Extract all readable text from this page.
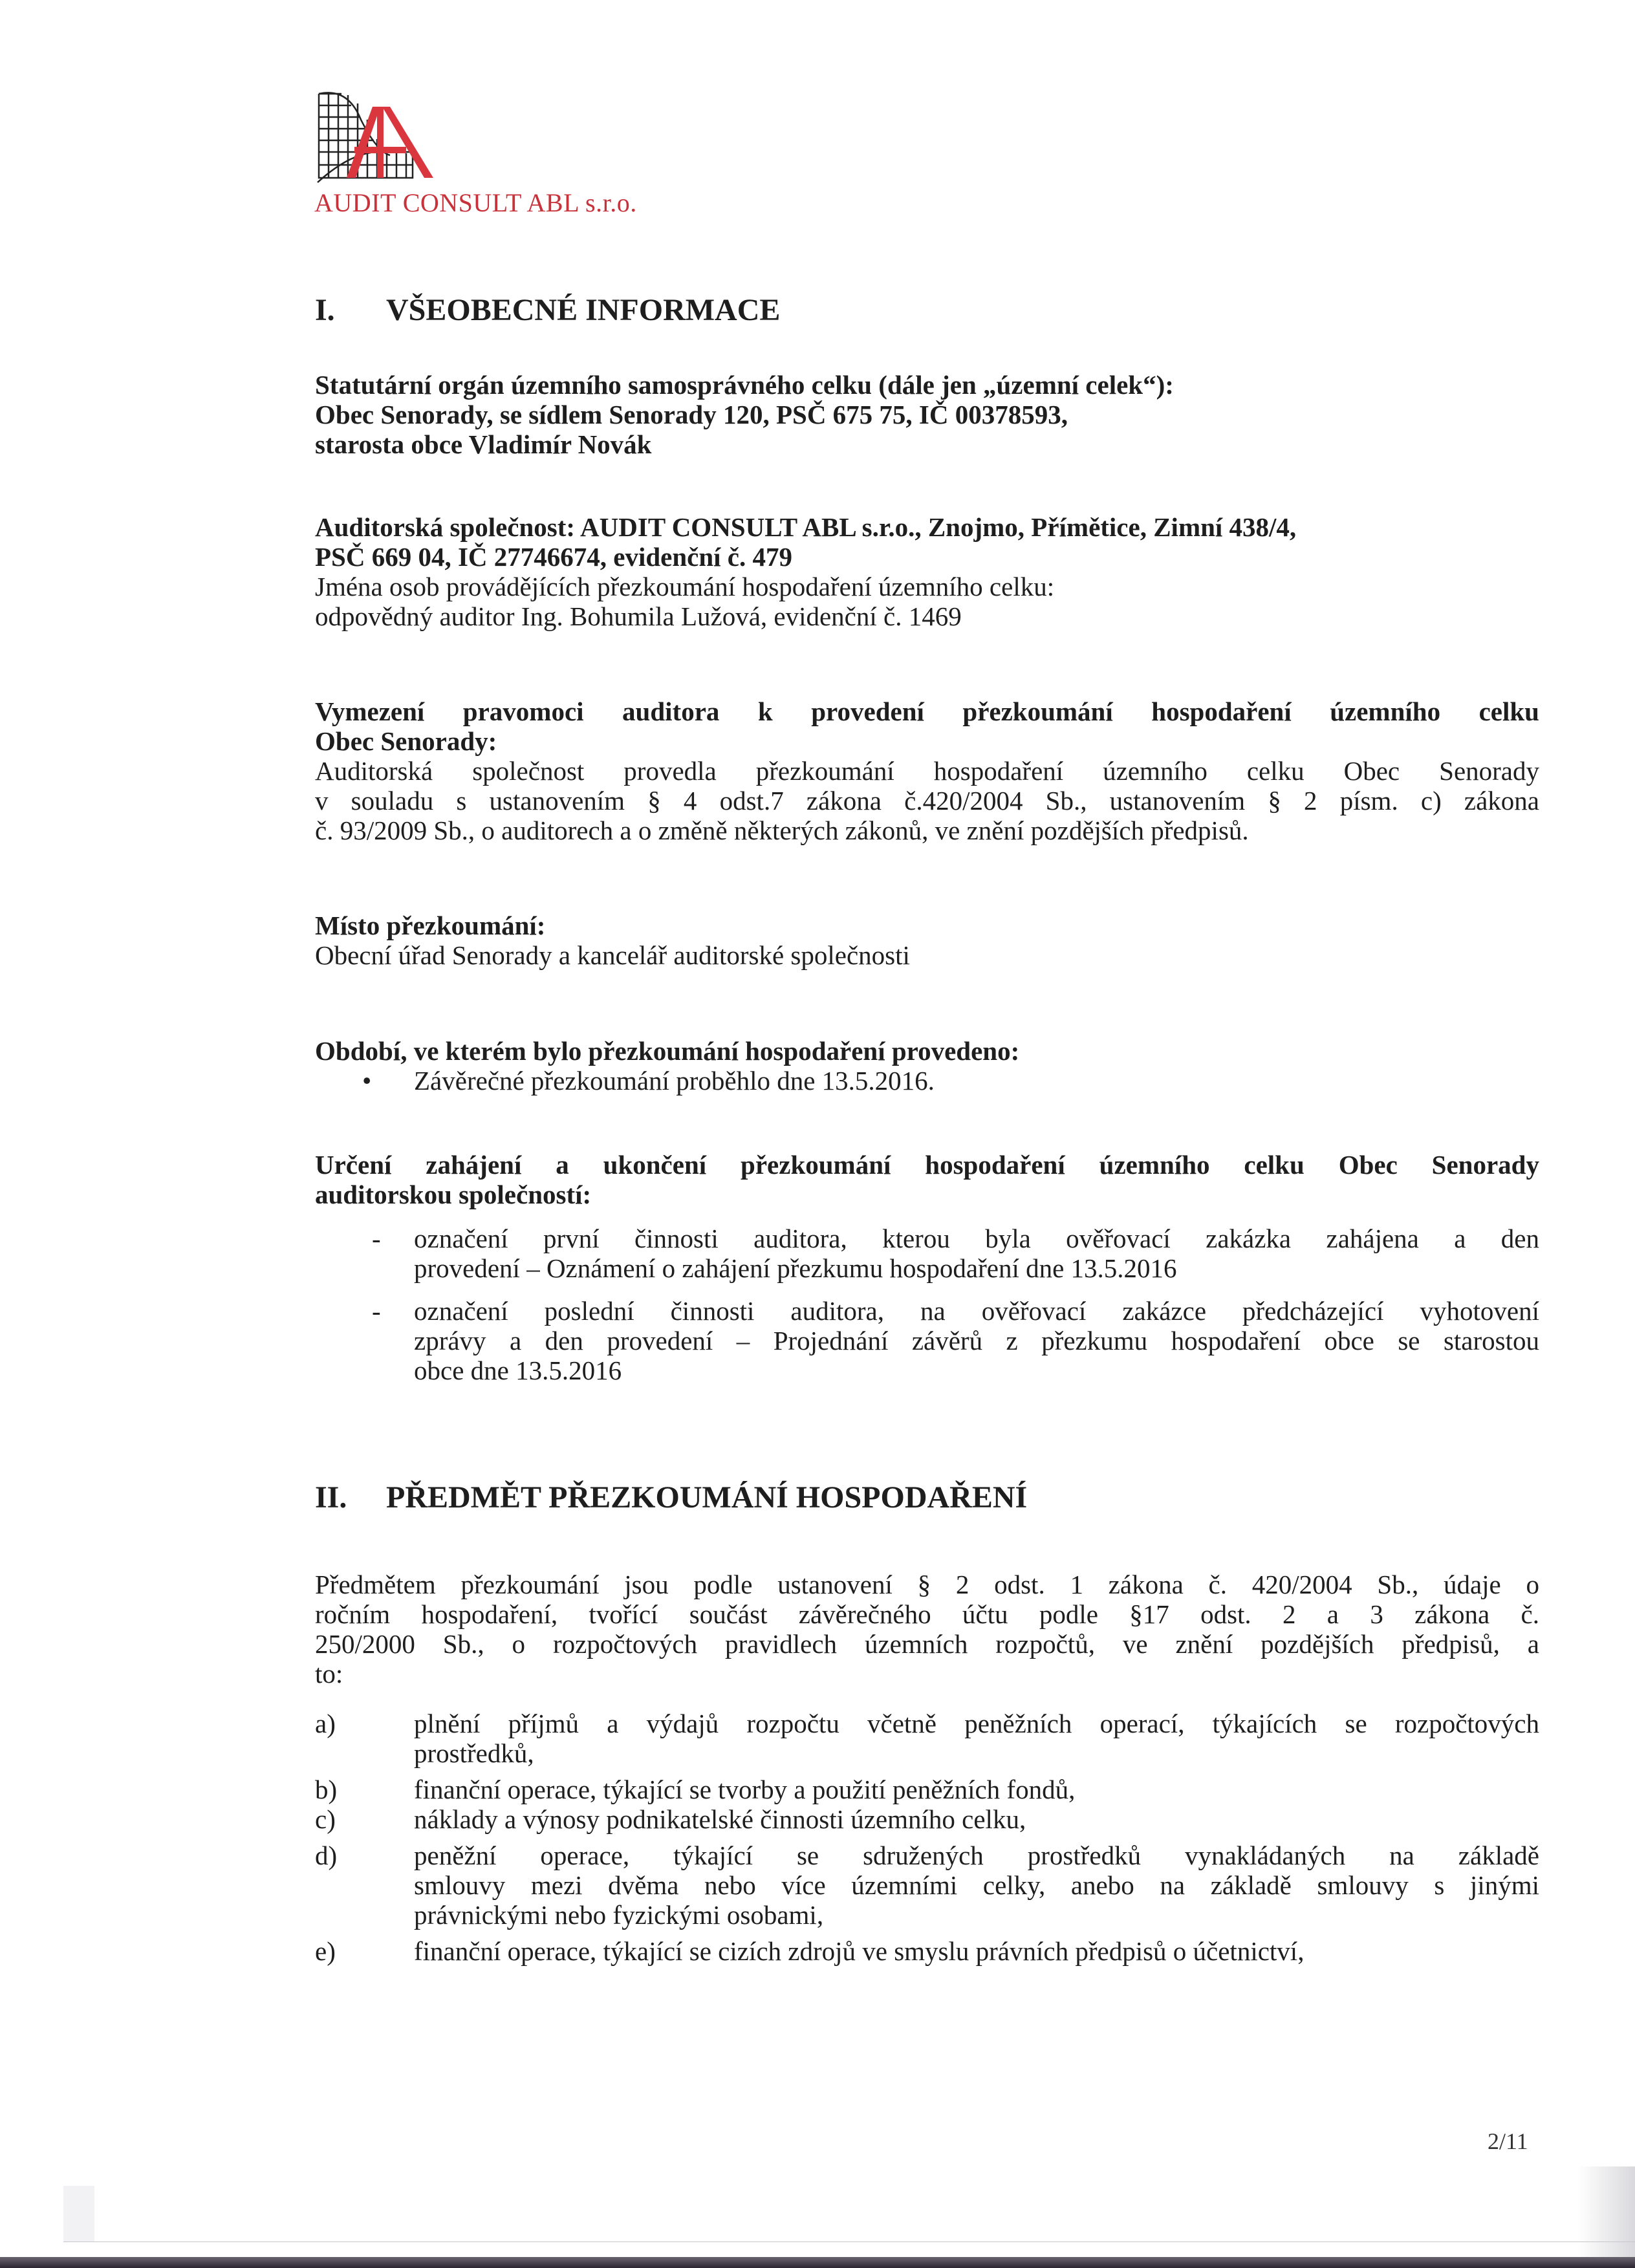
AUDIT CONSULT ABL s.r.o.
I. VŠEOBECNÉ INFORMACE
Statutární orgán územního samosprávného celku (dále jen „územní celek“):
Obec Senorady, se sídlem Senorady 120, PSČ 675 75, IČ 00378593,
starosta obce Vladimír Novák
Auditorská společnost: AUDIT CONSULT ABL s.r.o., Znojmo, Přímětice, Zimní 438/4,
PSČ 669 04, IČ 27746674, evidenční č. 479
Jména osob provádějících přezkoumání hospodaření územního celku:
odpovědný auditor Ing. Bohumila Lužová, evidenční č. 1469
Vymezení pravomoci auditora k provedení přezkoumání hospodaření územního celku
Obec Senorady:
Auditorská společnost provedla přezkoumání hospodaření územního celku Obec Senorady
v souladu s ustanovením § 4 odst.7 zákona č.420/2004 Sb., ustanovením § 2 písm. c) zákona
č. 93/2009 Sb., o auditorech a o změně některých zákonů, ve znění pozdějších předpisů.
Místo přezkoumání:
Obecní úřad Senorady a kancelář auditorské společnosti
Období, ve kterém bylo přezkoumání hospodaření provedeno:
• Závěrečné přezkoumání proběhlo dne 13.5.2016.
Určení zahájení a ukončení přezkoumání hospodaření územního celku Obec Senorady
auditorskou společností:
- označení první činnosti auditora, kterou byla ověřovací zakázka zahájena a den
provedení – Oznámení o zahájení přezkumu hospodaření dne 13.5.2016
- označení poslední činnosti auditora, na ověřovací zakázce předcházející vyhotovení
zprávy a den provedení – Projednání závěrů z přezkumu hospodaření obce se starostou
obce dne 13.5.2016
II. PŘEDMĚT PŘEZKOUMÁNÍ HOSPODAŘENÍ
Předmětem přezkoumání jsou podle ustanovení § 2 odst. 1 zákona č. 420/2004 Sb., údaje o
ročním hospodaření, tvořící součást závěrečného účtu podle §17 odst. 2 a 3 zákona č.
250/2000 Sb., o rozpočtových pravidlech územních rozpočtů, ve znění pozdějších předpisů, a
to:
a)	plnění příjmů a výdajů rozpočtu včetně peněžních operací, týkajících se rozpočtových
prostředků,
b)	finanční operace, týkající se tvorby a použití peněžních fondů,
c)	náklady a výnosy podnikatelské činnosti územního celku,
d)	peněžní operace, týkající se sdružených prostředků vynakládaných na základě
smlouvy mezi dvěma nebo více územními celky, anebo na základě smlouvy s jinými
právnickými nebo fyzickými osobami,
e)	finanční operace, týkající se cizích zdrojů ve smyslu právních předpisů o účetnictví,
2/11
